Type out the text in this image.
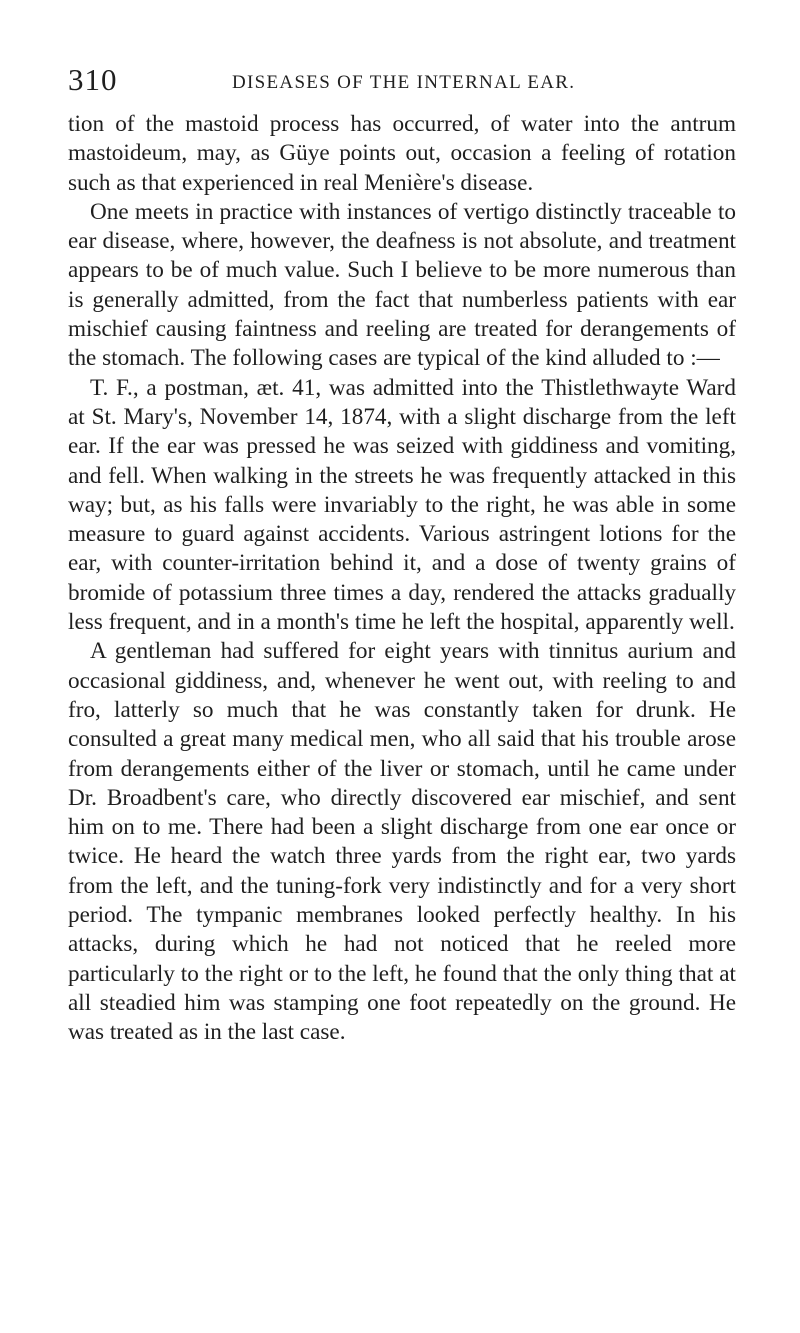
310	DISEASES OF THE INTERNAL EAR.

tion of the mastoid process has occurred, of water into the antrum mastoideum, may, as Güye points out, occasion a feeling of rotation such as that experienced in real Menière's disease.

One meets in practice with instances of vertigo distinctly traceable to ear disease, where, however, the deafness is not absolute, and treatment appears to be of much value. Such I believe to be more numerous than is generally admitted, from the fact that numberless patients with ear mischief causing faintness and reeling are treated for derangements of the stomach. The following cases are typical of the kind alluded to :—

T. F., a postman, æt. 41, was admitted into the Thistlethwayte Ward at St. Mary's, November 14, 1874, with a slight discharge from the left ear. If the ear was pressed he was seized with giddiness and vomiting, and fell. When walking in the streets he was frequently attacked in this way; but, as his falls were invariably to the right, he was able in some measure to guard against accidents. Various astringent lotions for the ear, with counter-irritation behind it, and a dose of twenty grains of bromide of potassium three times a day, rendered the attacks gradually less frequent, and in a month's time he left the hospital, apparently well.

A gentleman had suffered for eight years with tinnitus aurium and occasional giddiness, and, whenever he went out, with reeling to and fro, latterly so much that he was constantly taken for drunk. He consulted a great many medical men, who all said that his trouble arose from derangements either of the liver or stomach, until he came under Dr. Broadbent's care, who directly discovered ear mischief, and sent him on to me. There had been a slight discharge from one ear once or twice. He heard the watch three yards from the right ear, two yards from the left, and the tuning-fork very indistinctly and for a very short period. The tympanic membranes looked perfectly healthy. In his attacks, during which he had not noticed that he reeled more particularly to the right or to the left, he found that the only thing that at all steadied him was stamping one foot repeatedly on the ground. He was treated as in the last case.
